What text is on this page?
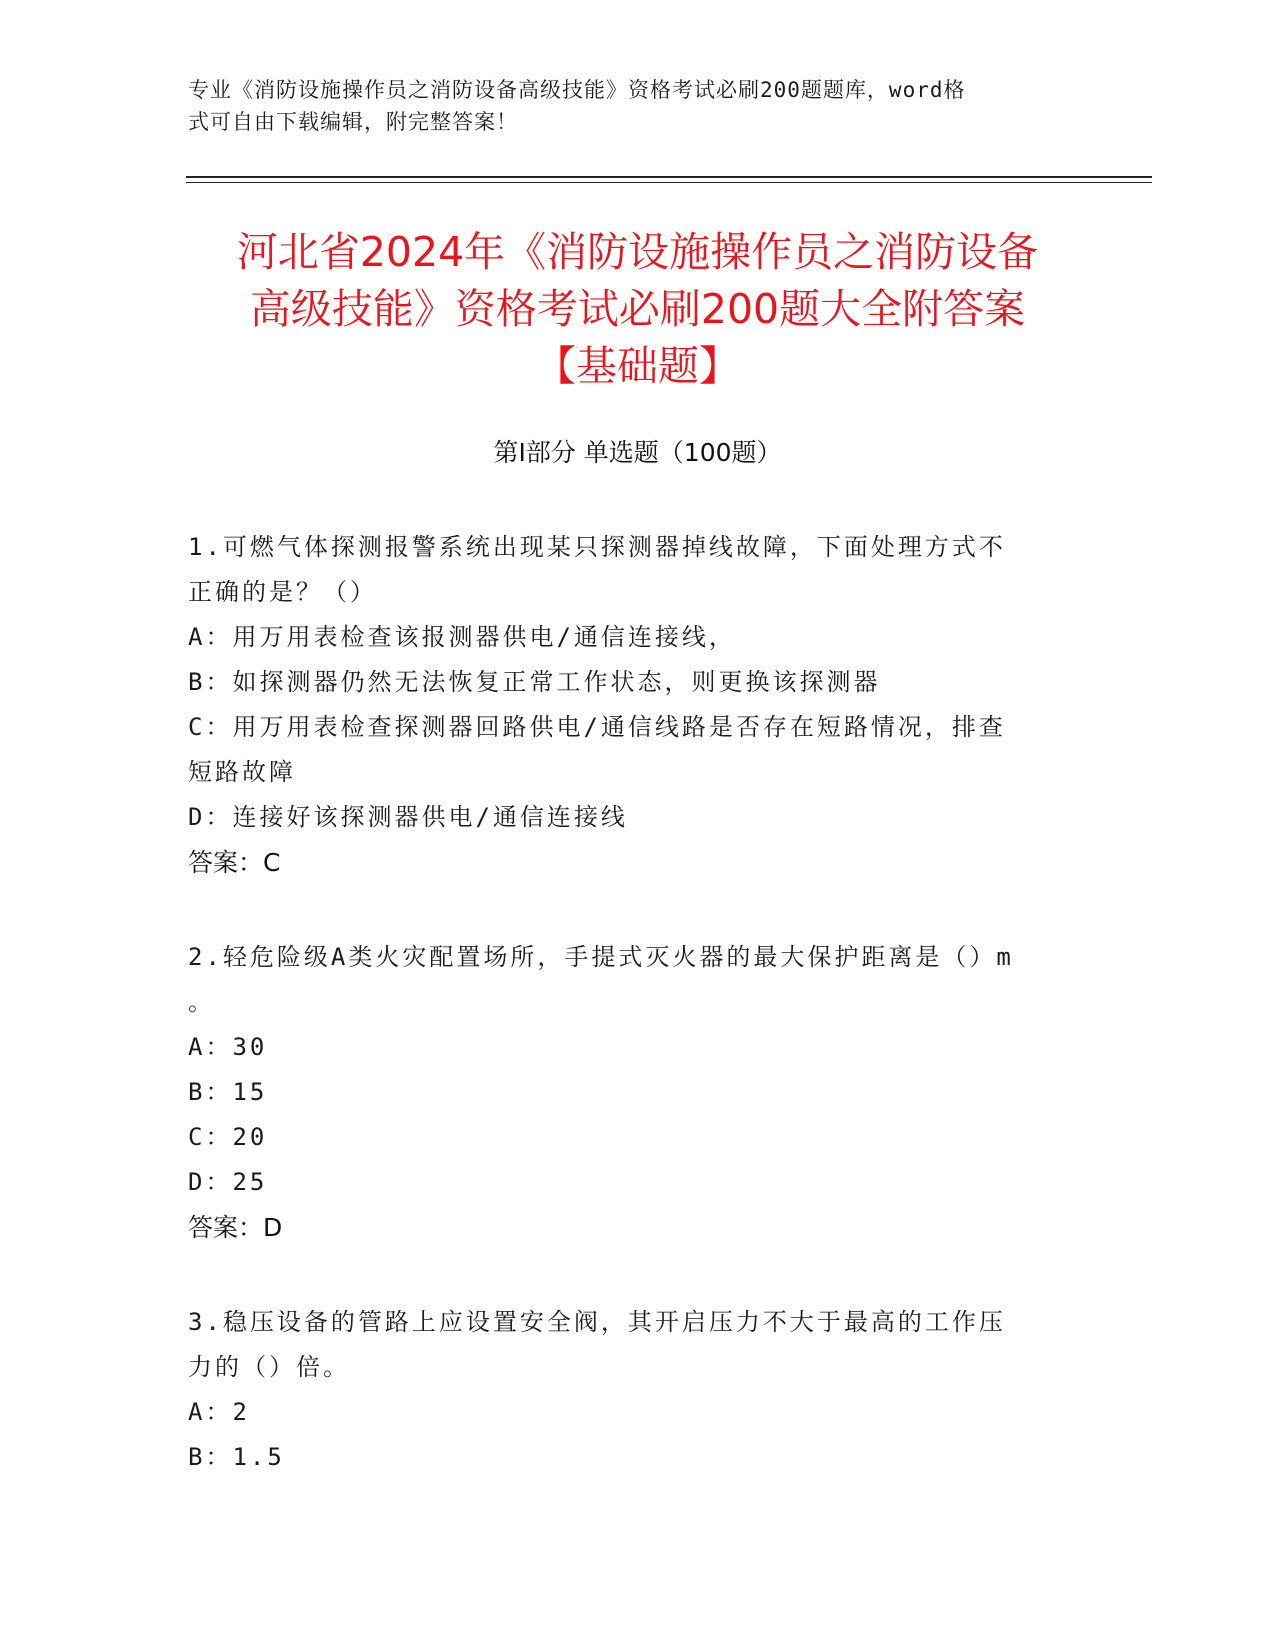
专业《消防设施操作员之消防设备高级技能》资格考试必刷200题题库，word格
式可自由下载编辑，附完整答案！
河北省2024年《消防设施操作员之消防设备
高级技能》资格考试必刷200题大全附答案
【基础题】
第Ⅰ部分 单选题（100题）

1.可燃气体探测报警系统出现某只探测器掉线故障，下面处理方式不

正确的是？（）

A：用万用表检查该报测器供电/通信连接线，

B：如探测器仍然无法恢复正常工作状态，则更换该探测器

C：用万用表检查探测器回路供电/通信线路是否存在短路情况，排查

短路故障

D：连接好该探测器供电/通信连接线

答案：C

2.轻危险级A类火灾配置场所，手提式灭火器的最大保护距离是（）m

。

A：30

B：15

C：20

D：25

答案：D

3.稳压设备的管路上应设置安全阀，其开启压力不大于最高的工作压

力的（）倍。

A：2

B：1.5
